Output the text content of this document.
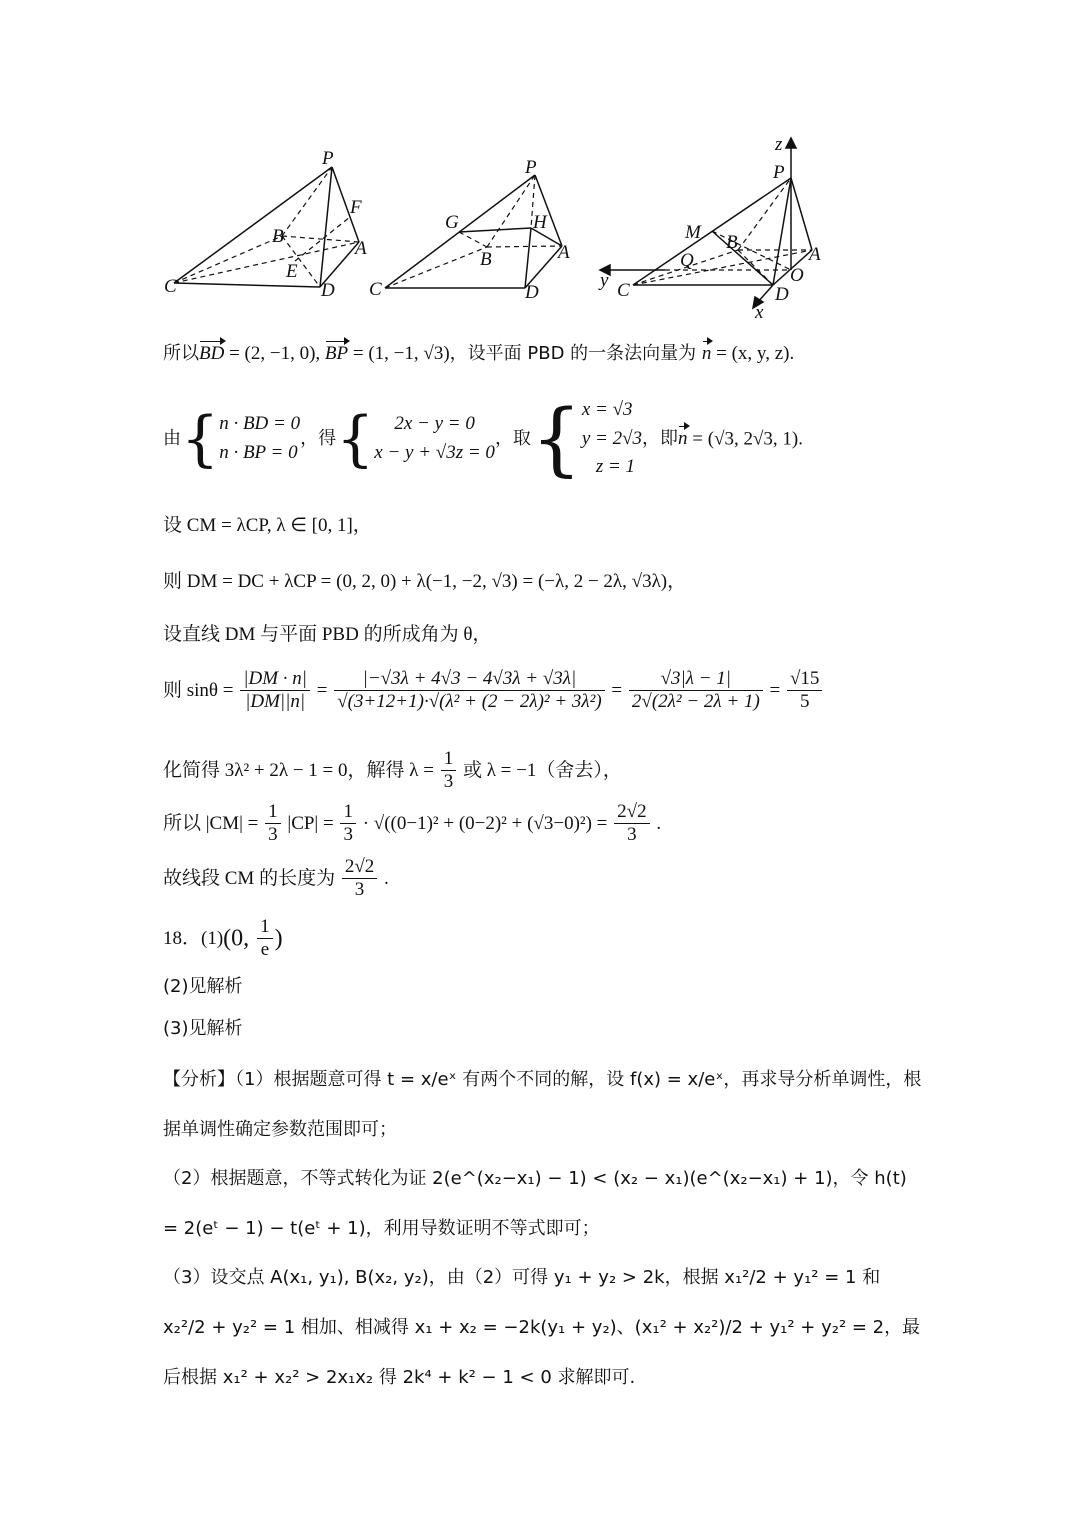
P
F
B
A
E
C	D
P
G	H
B	A
C	D
z
P
M B
A
Q
O
y C	D
x
所以BD = (2, −1, 0), BP = (1, −1, √3)，设平面 PBD 的一条法向量为 n = (x, y, z).
由{ n · BD = 0
n · BP = 0
，得{	2x − y = 0
x − y + √3z = 0
，取{ x = √3
y = 2√3
z = 1
，即n = (√3, 2√3, 1).
设 CM = λCP, λ ∈ [0, 1]，
则 DM = DC + λCP = (0, 2, 0) + λ(−1, −2, √3) = (−λ, 2 − 2λ, √3λ)，
设直线 DM 与平面 PBD 的所成角为 θ，
则 $\sin\theta = \frac{|DM \cdot n|}{|DM||n|} = \frac{|-√3\lambda + 4√3 - 4√3\lambda + √3\lambda|}{\text{√(3+12+1)·√(λ² + (2 − 2λ)² + 3λ²)}} = \frac{√3|\lambda - 1|}{\text{2√(2λ² − 2λ + 1)}} = \frac{√15}{5}$
化简得 3λ² + 2λ − 1 = 0，解得 $\lambda = \frac{1}{3}$ 或 λ = −1（舍去），
所以 $|CM| = \frac{1}{3} |CP| = \frac{1}{3} \cdot √((0-1)^2 + (0-2)^2 + (√3-0)^2) = \frac{2√2}{3}$ .
故线段 CM 的长度为 $\frac{2√2}{3}$ .
18．(1)(0, $\frac{1}{e}$ )
(2)见解析
(3)见解析
【分析】（1）根据题意可得 t = x/eˣ 有两个不同的解，设 f(x) = x/eˣ，再求导分析单调性，根据单调性确定参数范围即可；
（2）根据题意，不等式转化为证 2(e^(x₂−x₁) − 1) < (x₂ − x₁)(e^(x₂−x₁) + 1)，令 h(t) = 2(eᵗ − 1) − t(eᵗ + 1)，利用导数证明不等式即可；
（3）设交点 A(x₁, y₁), B(x₂, y₂)，由（2）可得 y₁ + y₂ > 2k，根据 x₁²/2 + y₁² = 1 和 x₂²/2 + y₂² = 1 相加、相减得 x₁ + x₂ = −2k(y₁ + y₂)、(x₁² + x₂²)/2 + y₁² + y₂² = 2，最后根据 x₁² + x₂² > 2x₁x₂ 得 2k⁴ + k² − 1 < 0 求解即可.
